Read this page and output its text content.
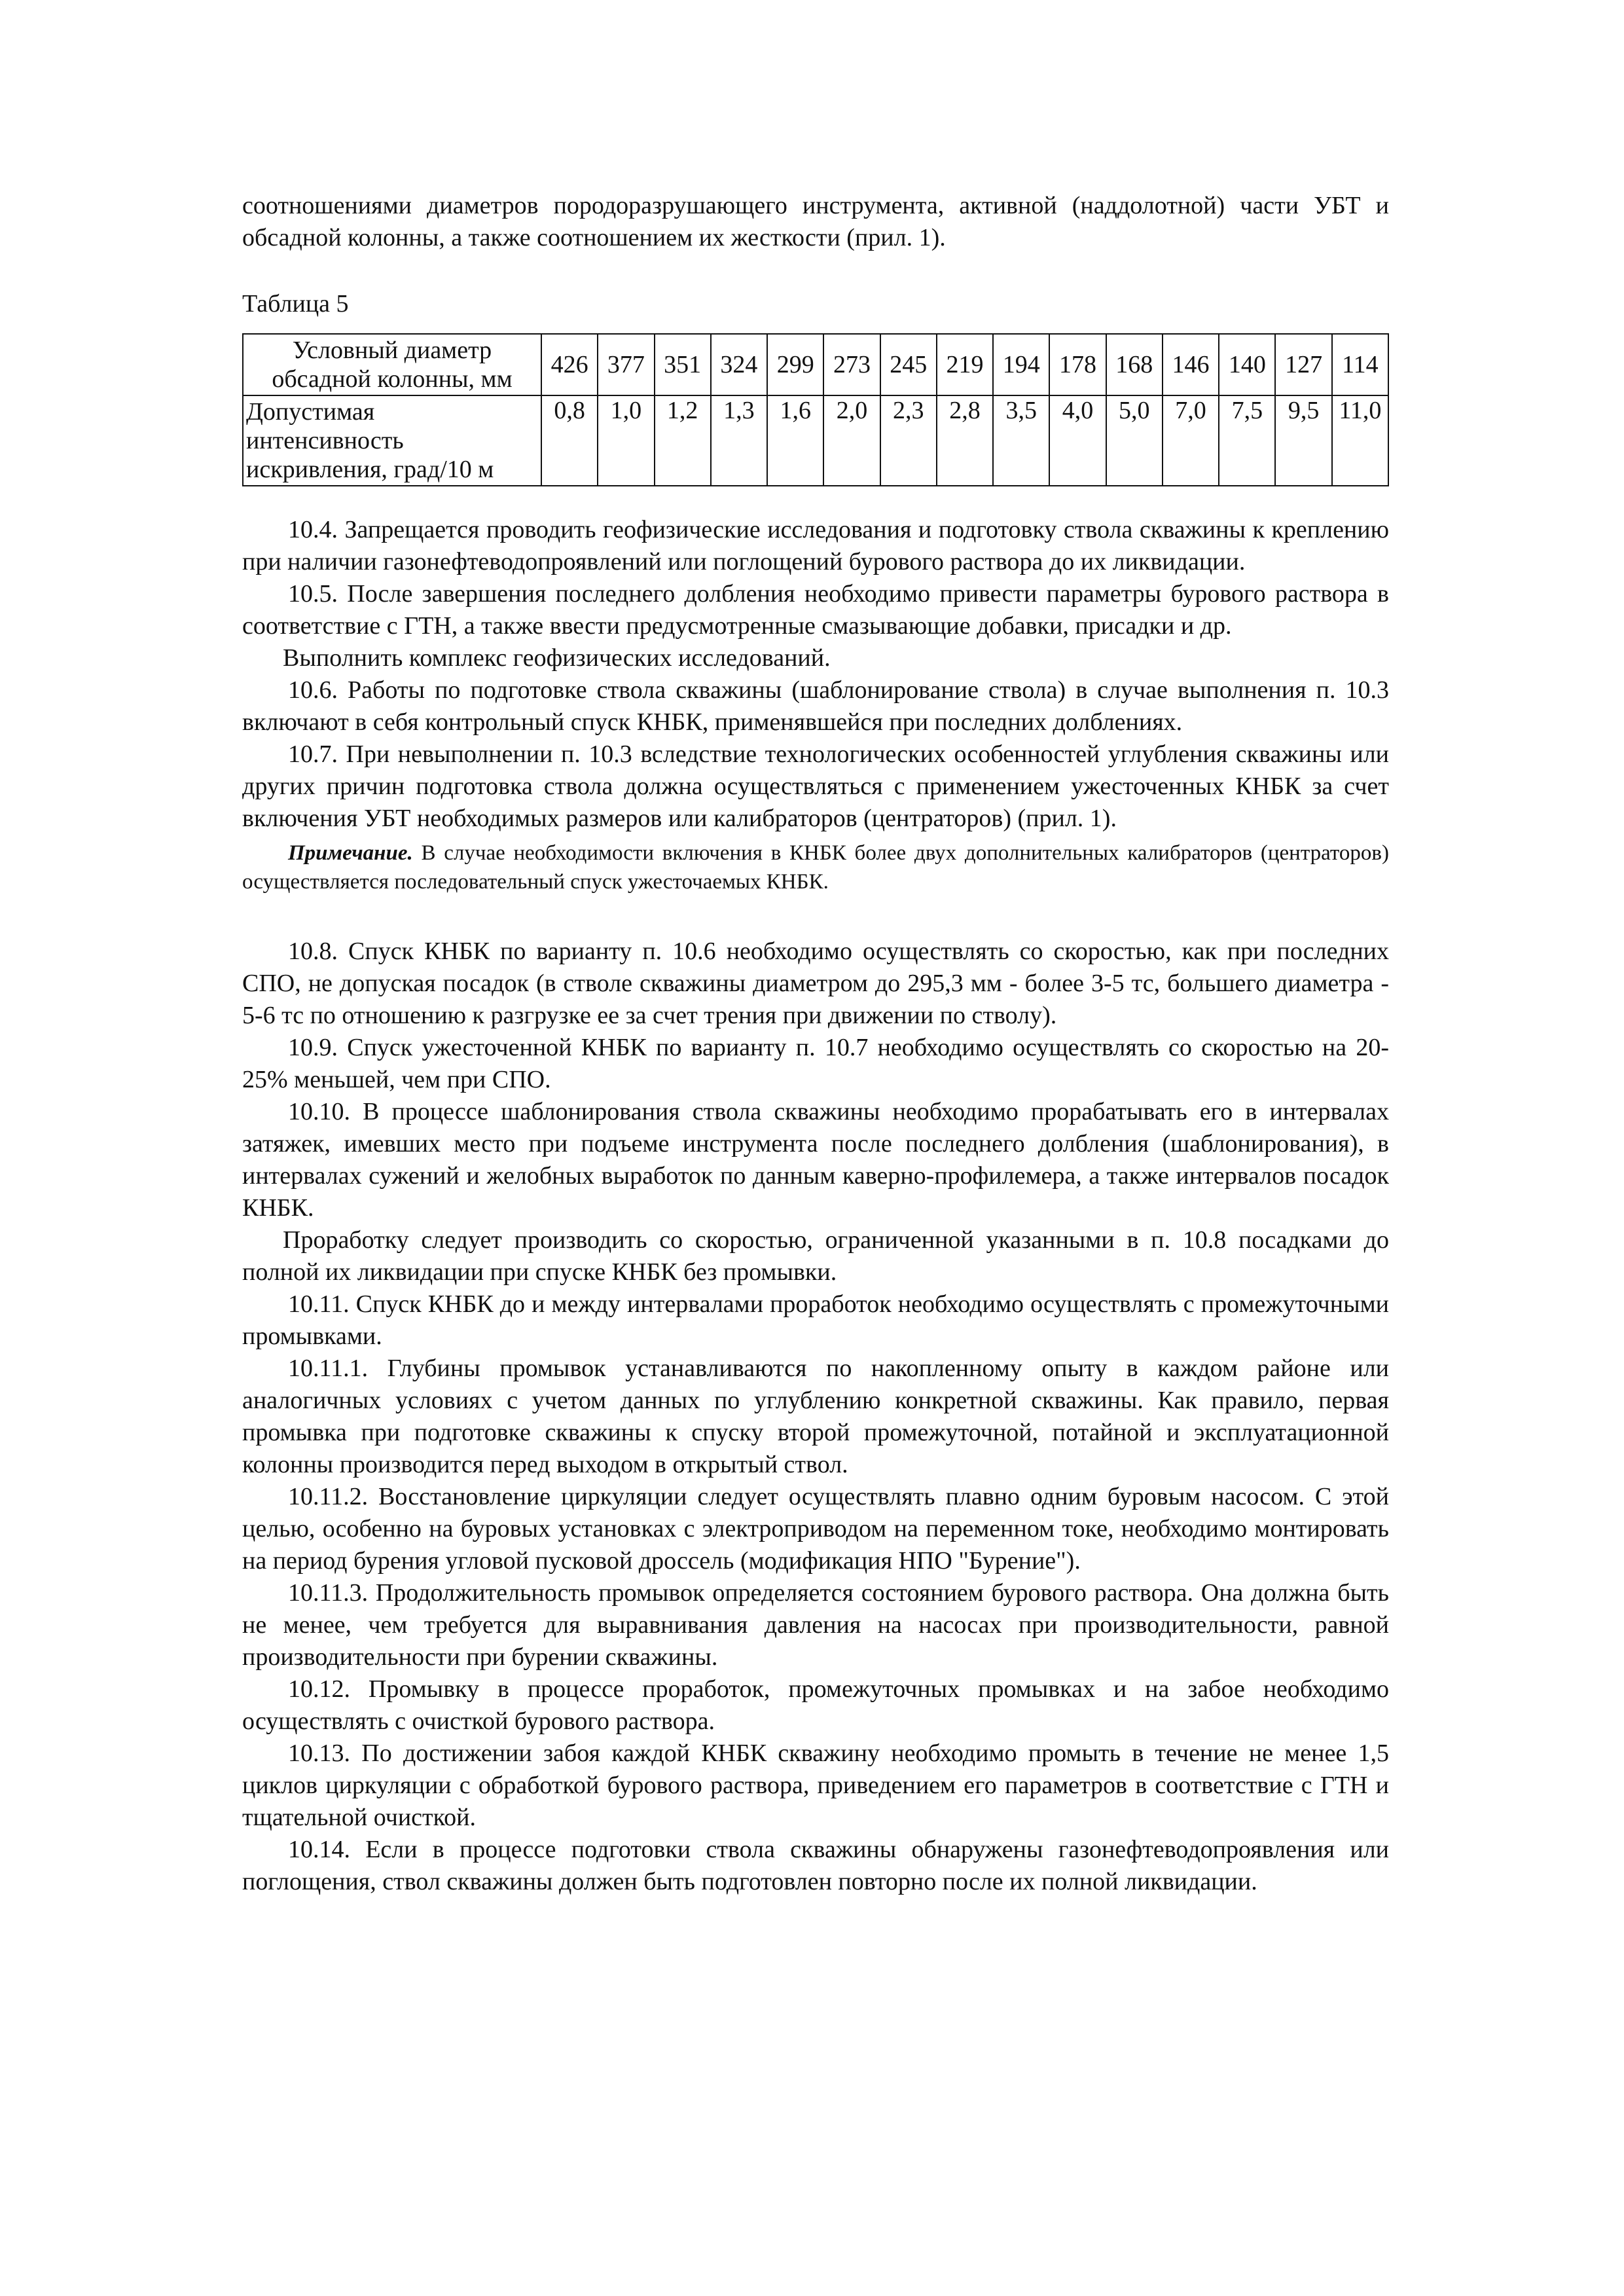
соотношениями диаметров породоразрушающего инструмента, активной (наддолотной) части УБТ и обсадной колонны, а также соотношением их жесткости (прил. 1).

Таблица 5

Условный диаметр обсадной колонны, мм	426	377	351	324	299	273	245	219	194	178	168	146	140	127	114
Допустимая интенсивность искривления, град/10 м	0,8	1,0	1,2	1,3	1,6	2,0	2,3	2,8	3,5	4,0	5,0	7,0	7,5	9,5	11,0

10.4. Запрещается проводить геофизические исследования и подготовку ствола скважины к креплению при наличии газонефтеводопроявлений или поглощений бурового раствора до их ликвидации.

10.5. После завершения последнего долбления необходимо привести параметры бурового раствора в соответствие с ГТН, а также ввести предусмотренные смазывающие добавки, присадки и др.

Выполнить комплекс геофизических исследований.

10.6. Работы по подготовке ствола скважины (шаблонирование ствола) в случае выполнения п. 10.3 включают в себя контрольный спуск КНБК, применявшейся при последних долблениях.

10.7. При невыполнении п. 10.3 вследствие технологических особенностей углубления скважины или других причин подготовка ствола должна осуществляться с применением ужесточенных КНБК за счет включения УБТ необходимых размеров или калибраторов (центраторов) (прил. 1).

Примечание. В случае необходимости включения в КНБК более двух дополнительных калибраторов (центраторов) осуществляется последовательный спуск ужесточаемых КНБК.

10.8. Спуск КНБК по варианту п. 10.6 необходимо осуществлять со скоростью, как при последних СПО, не допуская посадок (в стволе скважины диаметром до 295,3 мм - более 3-5 тс, большего диаметра - 5-6 тс по отношению к разгрузке ее за счет трения при движении по стволу).

10.9. Спуск ужесточенной КНБК по варианту п. 10.7 необходимо осуществлять со скоростью на 20-25% меньшей, чем при СПО.

10.10. В процессе шаблонирования ствола скважины необходимо прорабатывать его в интервалах затяжек, имевших место при подъеме инструмента после последнего долбления (шаблонирования), в интервалах сужений и желобных выработок по данным каверно-профилемера, а также интервалов посадок КНБК.

Проработку следует производить со скоростью, ограниченной указанными в п. 10.8 посадками до полной их ликвидации при спуске КНБК без промывки.

10.11. Спуск КНБК до и между интервалами проработок необходимо осуществлять с промежуточными промывками.

10.11.1. Глубины промывок устанавливаются по накопленному опыту в каждом районе или аналогичных условиях с учетом данных по углублению конкретной скважины. Как правило, первая промывка при подготовке скважины к спуску второй промежуточной, потайной и эксплуатационной колонны производится перед выходом в открытый ствол.

10.11.2. Восстановление циркуляции следует осуществлять плавно одним буровым насосом. С этой целью, особенно на буровых установках с электроприводом на переменном токе, необходимо монтировать на период бурения угловой пусковой дроссель (модификация НПО "Бурение").

10.11.3. Продолжительность промывок определяется состоянием бурового раствора. Она должна быть не менее, чем требуется для выравнивания давления на насосах при производительности, равной производительности при бурении скважины.

10.12. Промывку в процессе проработок, промежуточных промывках и на забое необходимо осуществлять с очисткой бурового раствора.

10.13. По достижении забоя каждой КНБК скважину необходимо промыть в течение не менее 1,5 циклов циркуляции с обработкой бурового раствора, приведением его параметров в соответствие с ГТН и тщательной очисткой.

10.14. Если в процессе подготовки ствола скважины обнаружены газонефтеводопроявления или поглощения, ствол скважины должен быть подготовлен повторно после их полной ликвидации.
